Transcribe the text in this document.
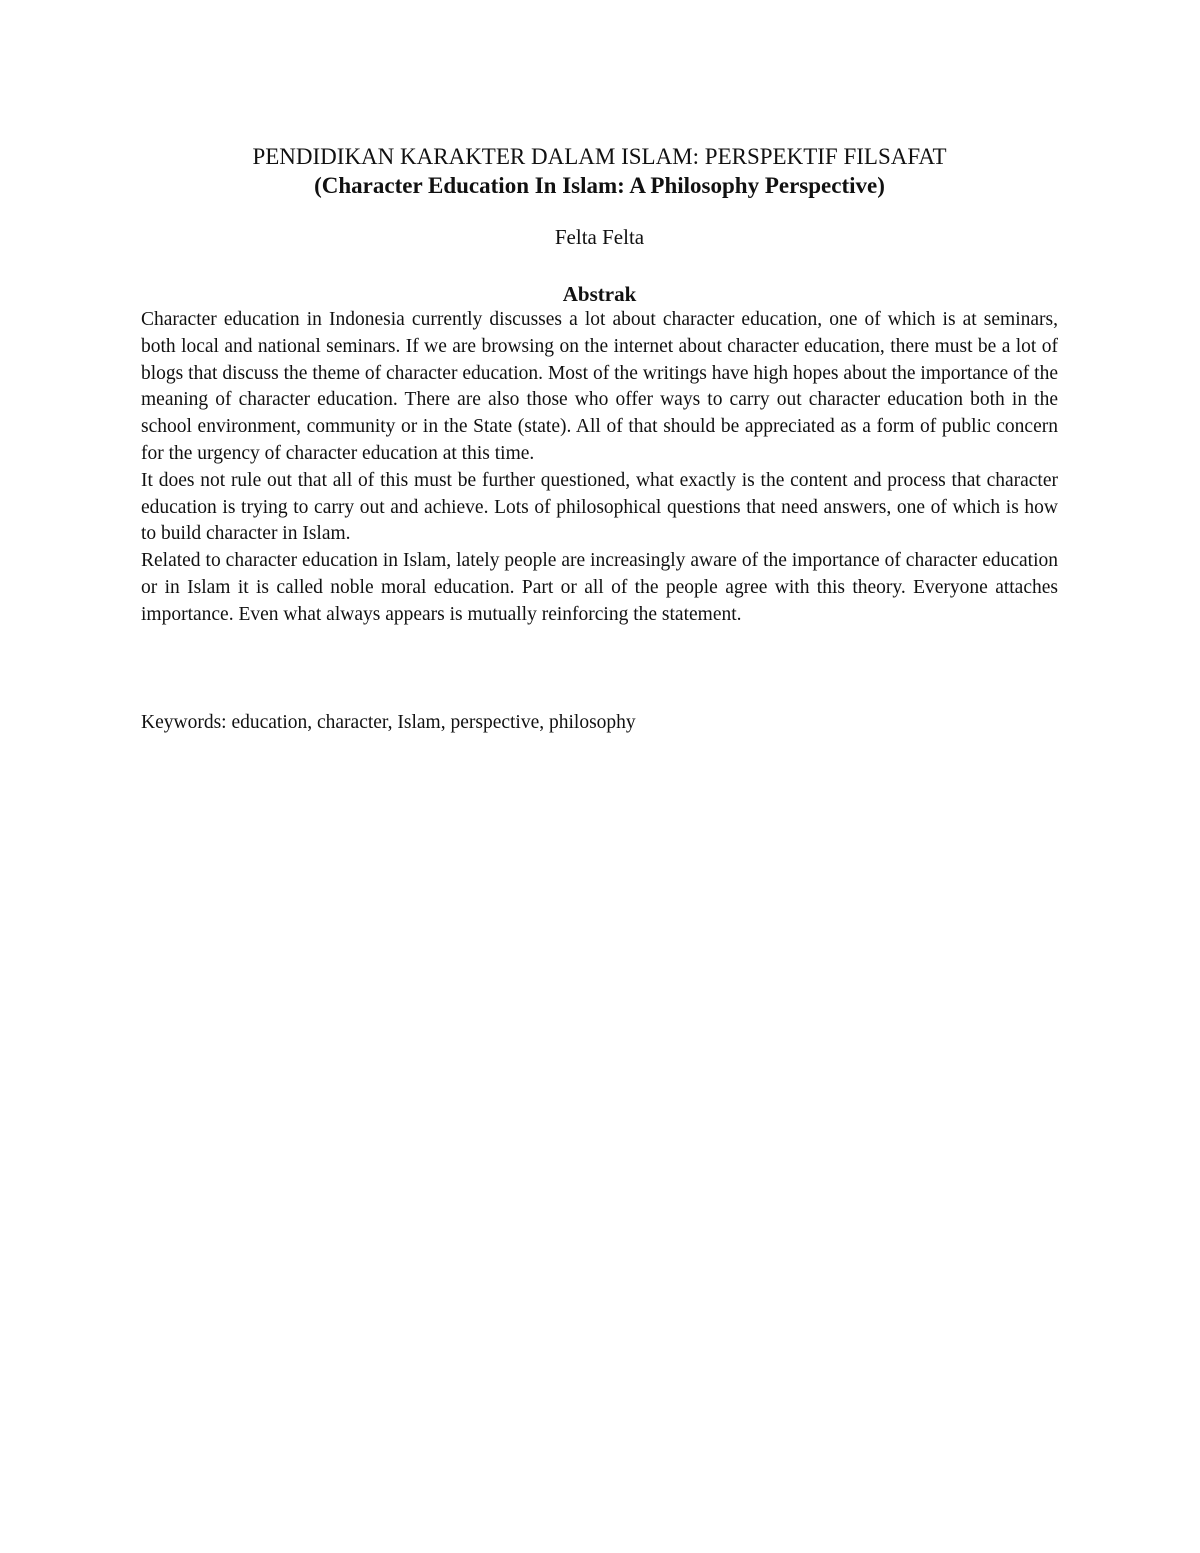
PENDIDIKAN KARAKTER DALAM ISLAM: PERSPEKTIF FILSAFAT
(Character Education In Islam: A Philosophy Perspective)

Felta Felta

Abstrak

Character education in Indonesia currently discusses a lot about character education, one of which is at seminars, both local and national seminars. If we are browsing on the internet about character education, there must be a lot of blogs that discuss the theme of character education. Most of the writings have high hopes about the importance of the meaning of character education. There are also those who offer ways to carry out character education both in the school environment, community or in the State (state). All of that should be appreciated as a form of public concern for the urgency of character education at this time.

It does not rule out that all of this must be further questioned, what exactly is the content and process that character education is trying to carry out and achieve. Lots of philosophical questions that need answers, one of which is how to build character in Islam.

Related to character education in Islam, lately people are increasingly aware of the importance of character education or in Islam it is called noble moral education. Part or all of the people agree with this theory. Everyone attaches importance. Even what always appears is mutually reinforcing the statement.

Keywords: education, character, Islam, perspective, philosophy
